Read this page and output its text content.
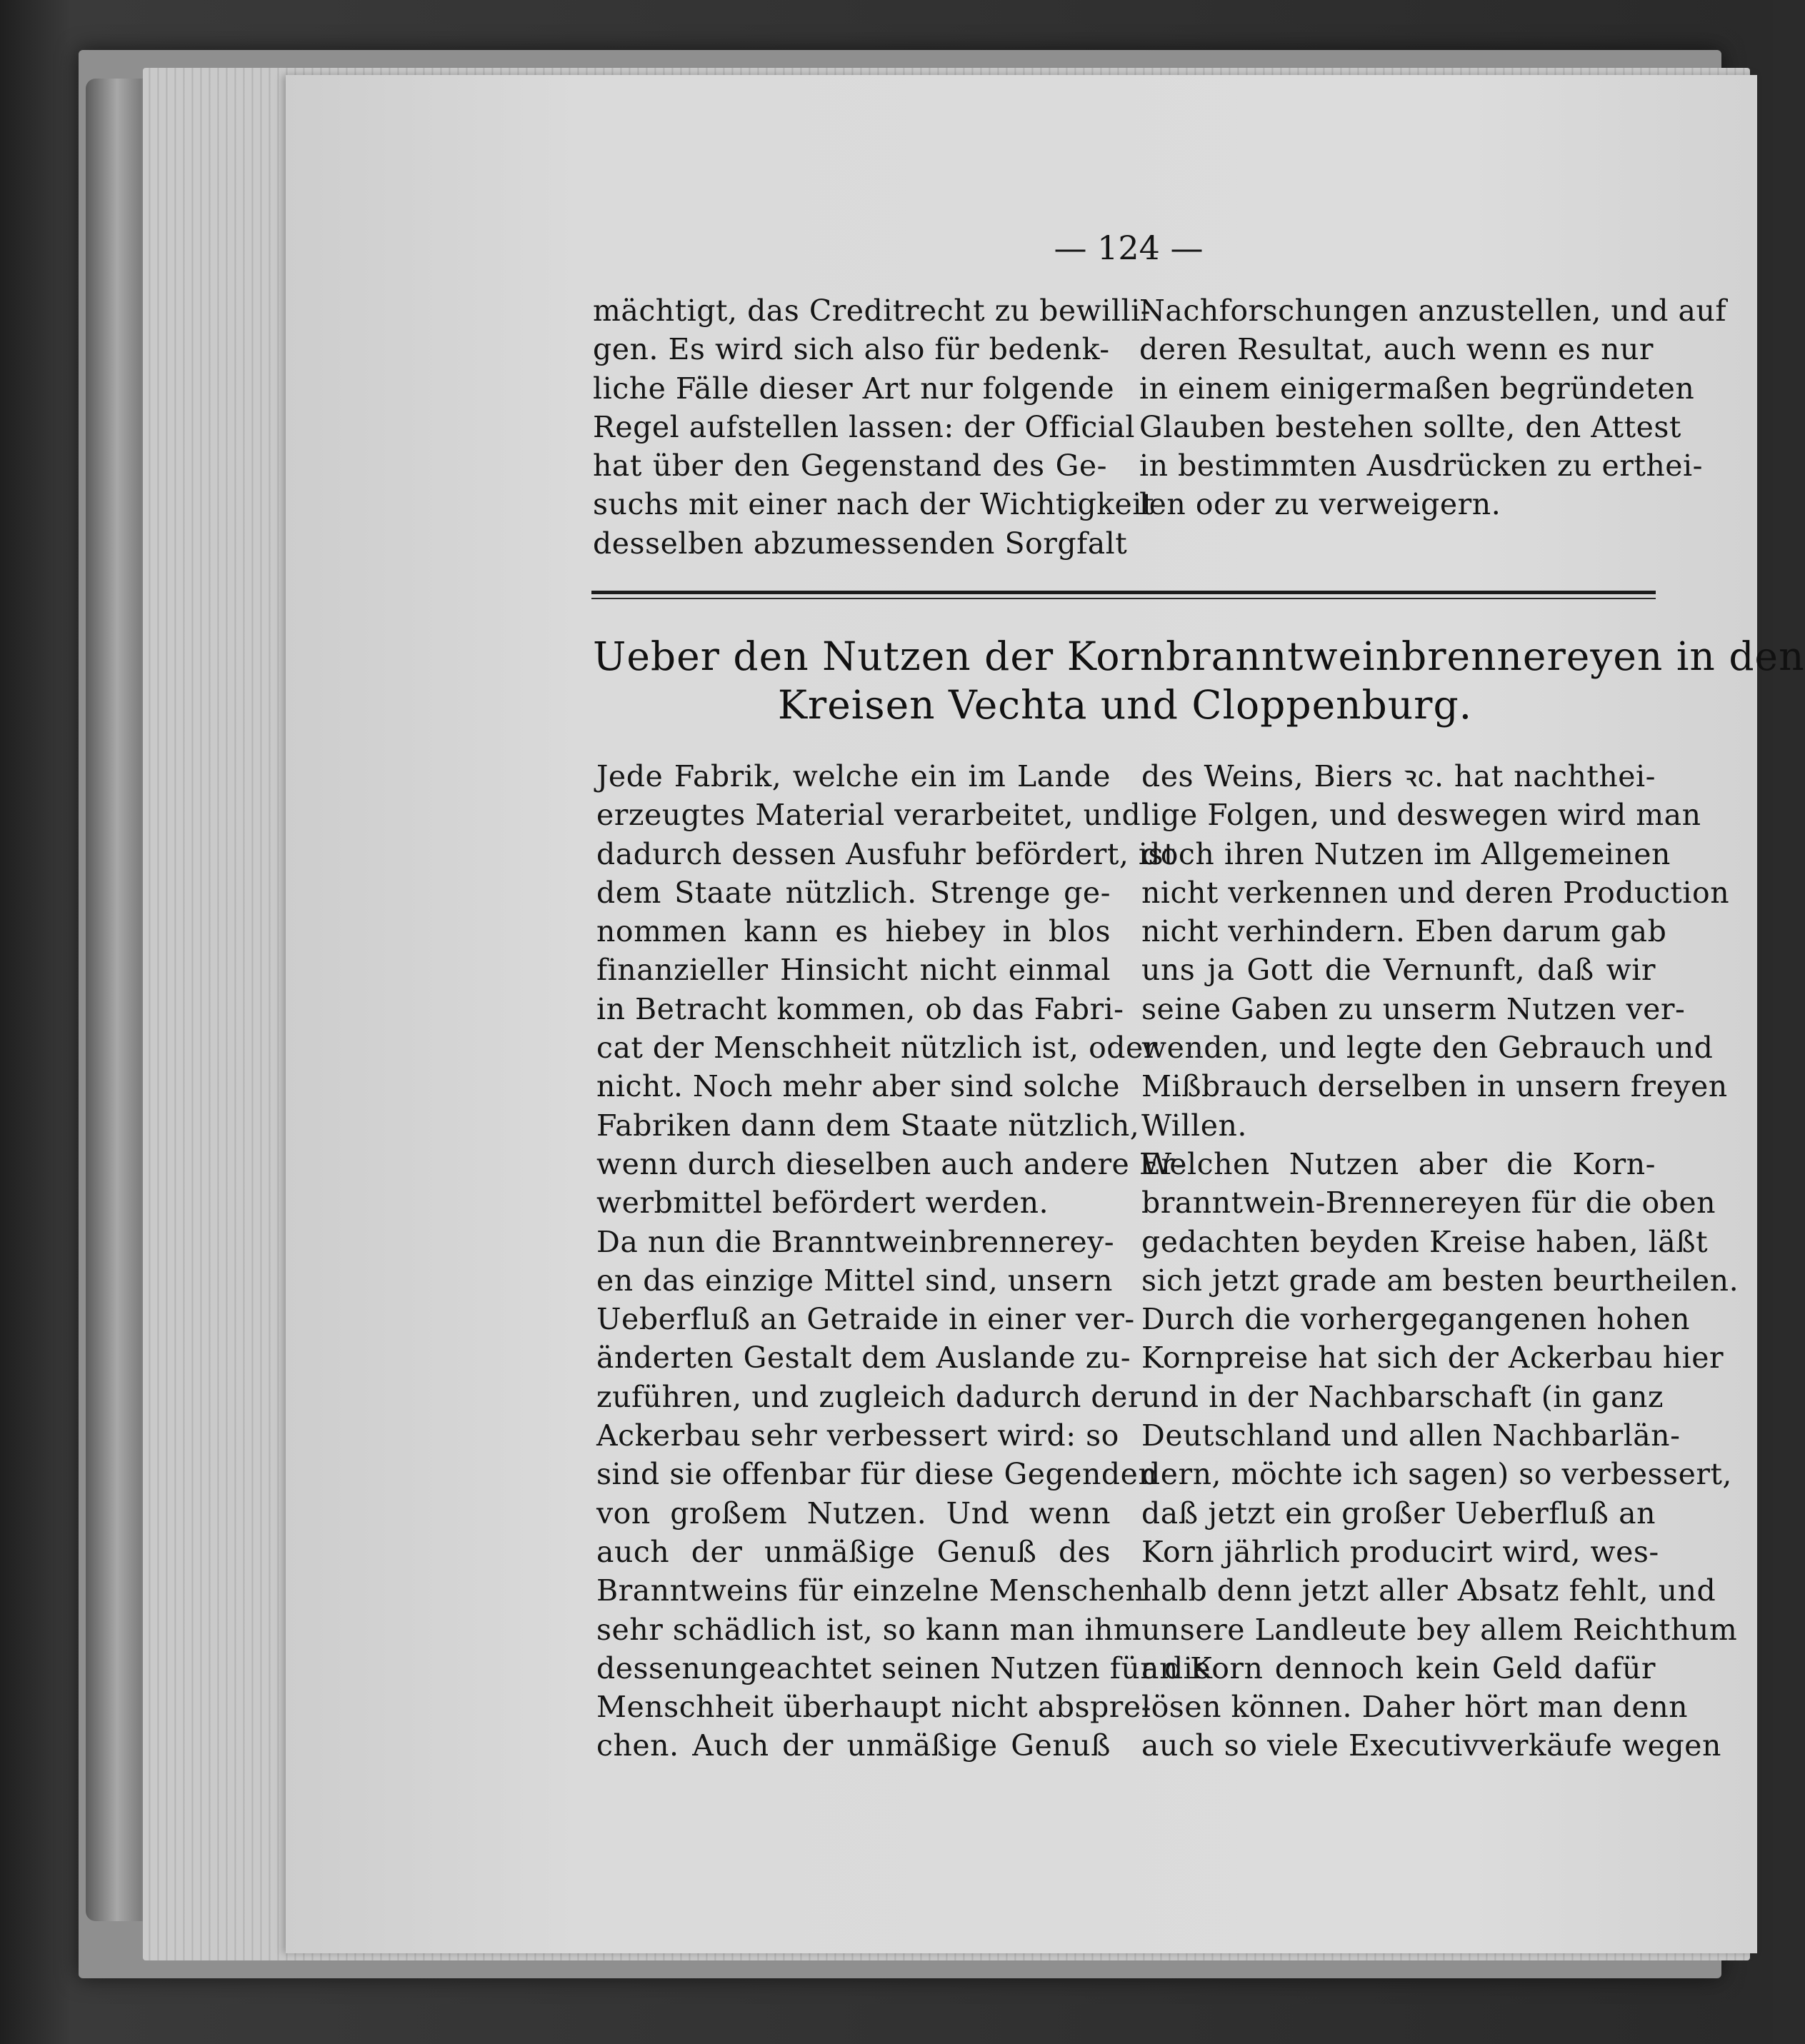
— 124 —
mächtigt, das Creditrecht zu bewilli-
gen. Es wird sich also für bedenk-
liche Fälle dieser Art nur folgende
Regel aufstellen lassen: der Official
hat über den Gegenstand des Ge-
suchs mit einer nach der Wichtigkeit
desselben abzumessenden Sorgfalt
Nachforschungen anzustellen, und auf
deren Resultat, auch wenn es nur
in einem einigermaßen begründeten
Glauben bestehen sollte, den Attest
in bestimmten Ausdrücken zu erthei-
len oder zu verweigern.
Ueber den Nutzen der Kornbranntweinbrennereyen in den
Kreisen Vechta und Cloppenburg.
Jede Fabrik, welche ein im Lande
erzeugtes Material verarbeitet, und
dadurch dessen Ausfuhr befördert, ist
dem Staate nützlich. Strenge ge-
nommen kann es hiebey in blos
finanzieller Hinsicht nicht einmal
in Betracht kommen, ob das Fabri-
cat der Menschheit nützlich ist, oder
nicht. Noch mehr aber sind solche
Fabriken dann dem Staate nützlich,
wenn durch dieselben auch andere Er-
werbmittel befördert werden.
Da nun die Branntweinbrennerey-
en das einzige Mittel sind, unsern
Ueberfluß an Getraide in einer ver-
änderten Gestalt dem Auslande zu-
zuführen, und zugleich dadurch der
Ackerbau sehr verbessert wird: so
sind sie offenbar für diese Gegenden
von großem Nutzen. Und wenn
auch der unmäßige Genuß des
Branntweins für einzelne Menschen
sehr schädlich ist, so kann man ihm
dessenungeachtet seinen Nutzen für die
Menschheit überhaupt nicht abspre-
chen. Auch der unmäßige Genuß
des Weins, Biers ꝛc. hat nachthei-
lige Folgen, und deswegen wird man
doch ihren Nutzen im Allgemeinen
nicht verkennen und deren Production
nicht verhindern. Eben darum gab
uns ja Gott die Vernunft, daß wir
seine Gaben zu unserm Nutzen ver-
wenden, und legte den Gebrauch und
Mißbrauch derselben in unsern freyen
Willen.
Welchen Nutzen aber die Korn-
branntwein-Brennereyen für die oben
gedachten beyden Kreise haben, läßt
sich jetzt grade am besten beurtheilen.
Durch die vorhergegangenen hohen
Kornpreise hat sich der Ackerbau hier
und in der Nachbarschaft (in ganz
Deutschland und allen Nachbarlän-
dern, möchte ich sagen) so verbessert,
daß jetzt ein großer Ueberfluß an
Korn jährlich producirt wird, wes-
halb denn jetzt aller Absatz fehlt, und
unsere Landleute bey allem Reichthum
an Korn dennoch kein Geld dafür
lösen können. Daher hört man denn
auch so viele Executivverkäufe wegen
